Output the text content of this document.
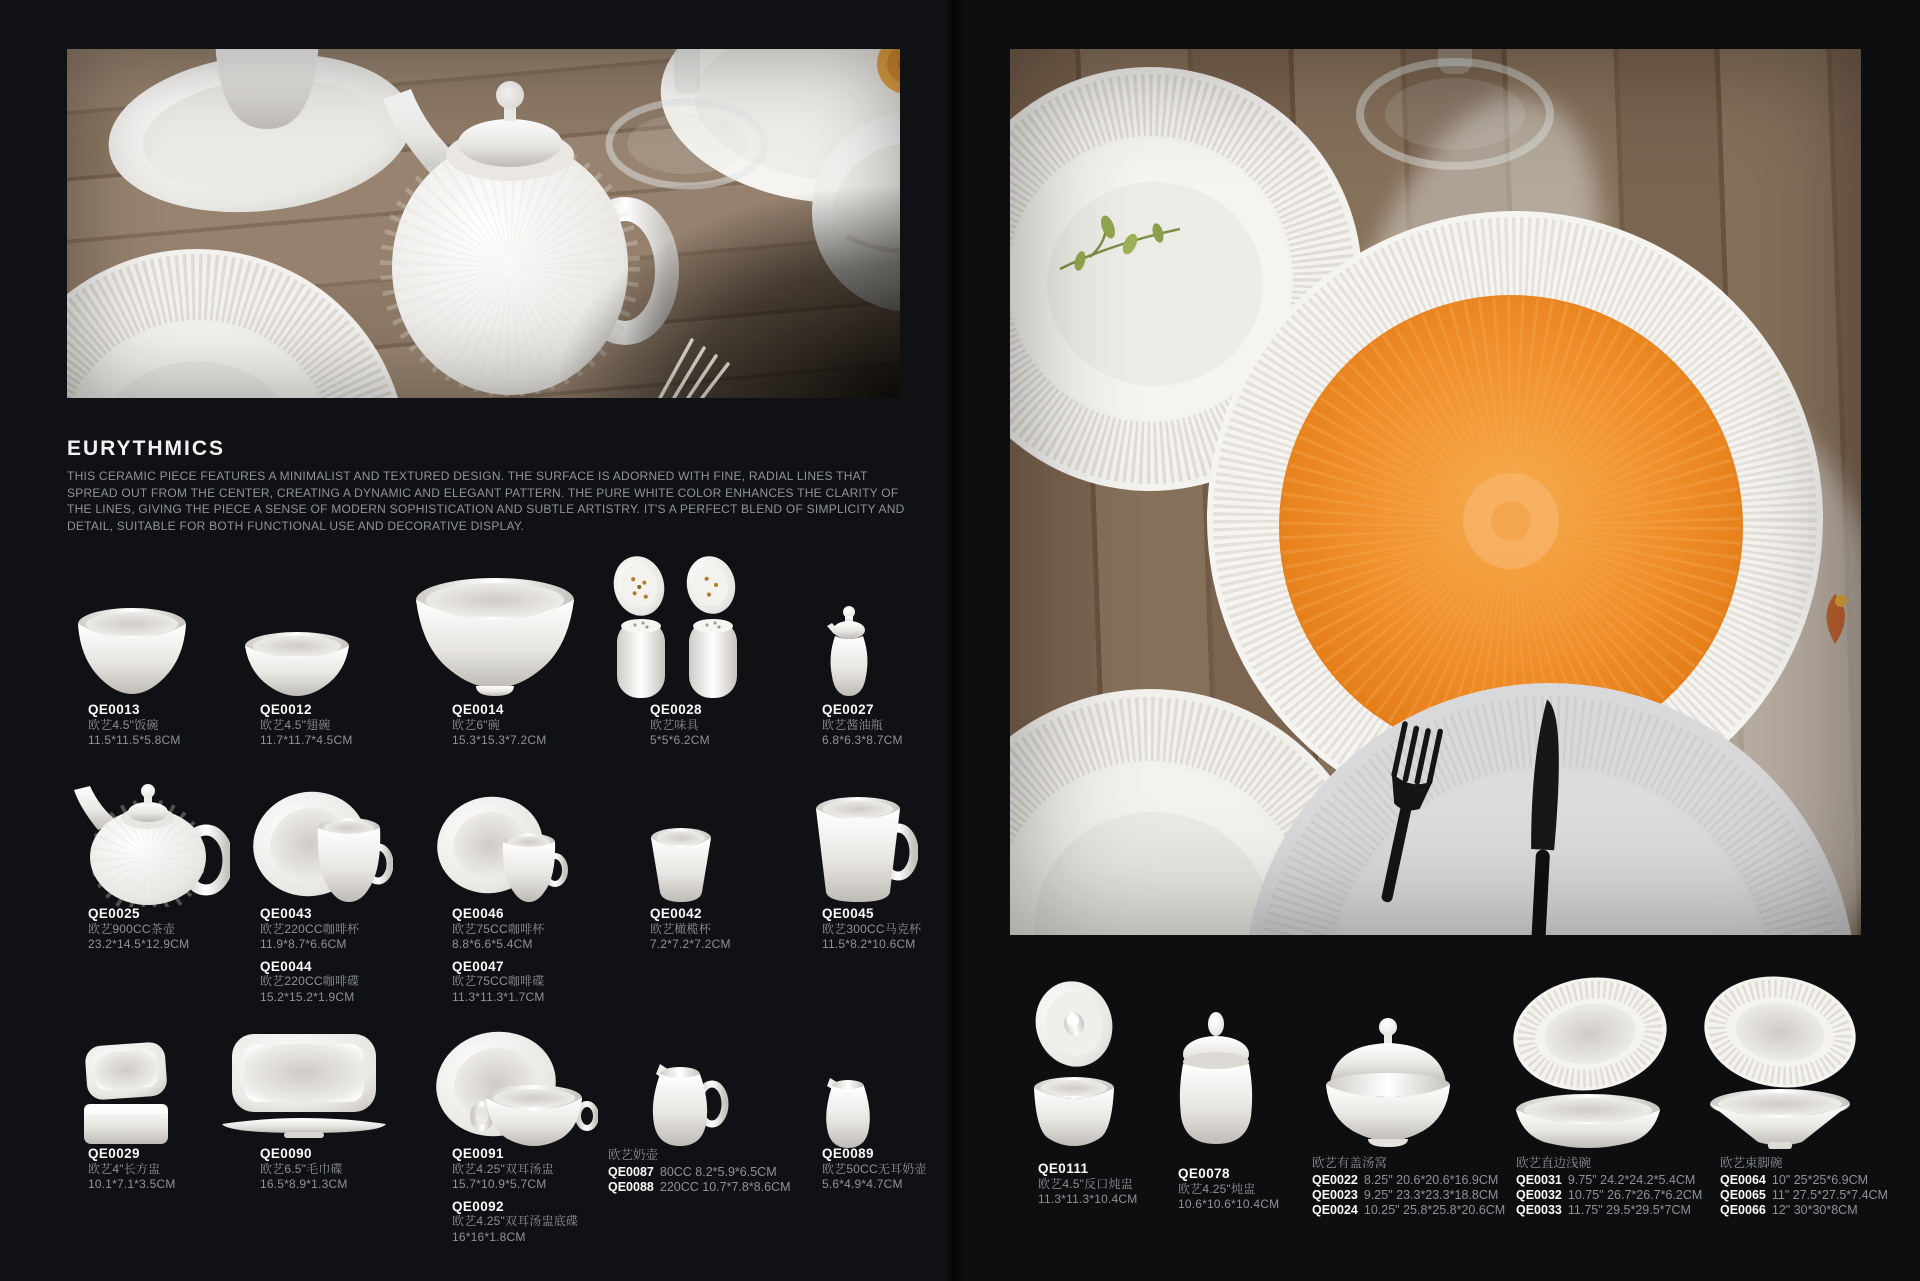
EURYTHMICS

THIS CERAMIC PIECE FEATURES A MINIMALIST AND TEXTURED DESIGN. THE SURFACE IS ADORNED WITH FINE, RADIAL LINES THAT SPREAD OUT FROM THE CENTER, CREATING A DYNAMIC AND ELEGANT PATTERN. THE PURE WHITE COLOR ENHANCES THE CLARITY OF THE LINES, GIVING THE PIECE A SENSE OF MODERN SOPHISTICATION AND SUBTLE ARTISTRY. IT'S A PERFECT BLEND OF SIMPLICITY AND DETAIL, SUITABLE FOR BOTH FUNCTIONAL USE AND DECORATIVE DISPLAY.

QE0013
欧艺4.5"饭碗
11.5*11.5*5.8CM
QE0012
欧艺4.5"翅碗
11.7*11.7*4.5CM
QE0014
欧艺6"碗
15.3*15.3*7.2CM
QE0028
欧艺味具
5*5*6.2CM
QE0027
欧艺酱油瓶
6.8*6.3*8.7CM
QE0025
欧艺900CC茶壶
23.2*14.5*12.9CM
QE0043
欧艺220CC咖啡杯
11.9*8.7*6.6CM
QE0044
欧艺220CC咖啡碟
15.2*15.2*1.9CM
QE0046
欧艺75CC咖啡杯
8.8*6.6*5.4CM
QE0047
欧艺75CC咖啡碟
11.3*11.3*1.7CM
QE0042
欧艺橄榄杯
7.2*7.2*7.2CM
QE0045
欧艺300CC马克杯
11.5*8.2*10.6CM
QE0029
欧艺4"长方盅
10.1*7.1*3.5CM
QE0090
欧艺6.5"毛巾碟
16.5*8.9*1.3CM
QE0091
欧艺4.25"双耳汤盅
15.7*10.9*5.7CM
QE0092
欧艺4.25"双耳汤盅底碟
16*16*1.8CM
欧艺奶壶
QE0087 80CC 8.2*5.9*6.5CM
QE0088 220CC 10.7*7.8*8.6CM
QE0089
欧艺50CC无耳奶壶
5.6*4.9*4.7CM
QE0111
欧艺4.5"反口炖盅
11.3*11.3*10.4CM
QE0078
欧艺4.25"炖盅
10.6*10.6*10.4CM
欧艺有盖汤窝
QE0022 8.25" 20.6*20.6*16.9CM
QE0023 9.25" 23.3*23.3*18.8CM
QE0024 10.25" 25.8*25.8*20.6CM
欧艺直边浅碗
QE0031 9.75" 24.2*24.2*5.4CM
QE0032 10.75" 26.7*26.7*6.2CM
QE0033 11.75" 29.5*29.5*7CM
欧艺束脚碗
QE0064 10" 25*25*6.9CM
QE0065 11" 27.5*27.5*7.4CM
QE0066 12" 30*30*8CM
